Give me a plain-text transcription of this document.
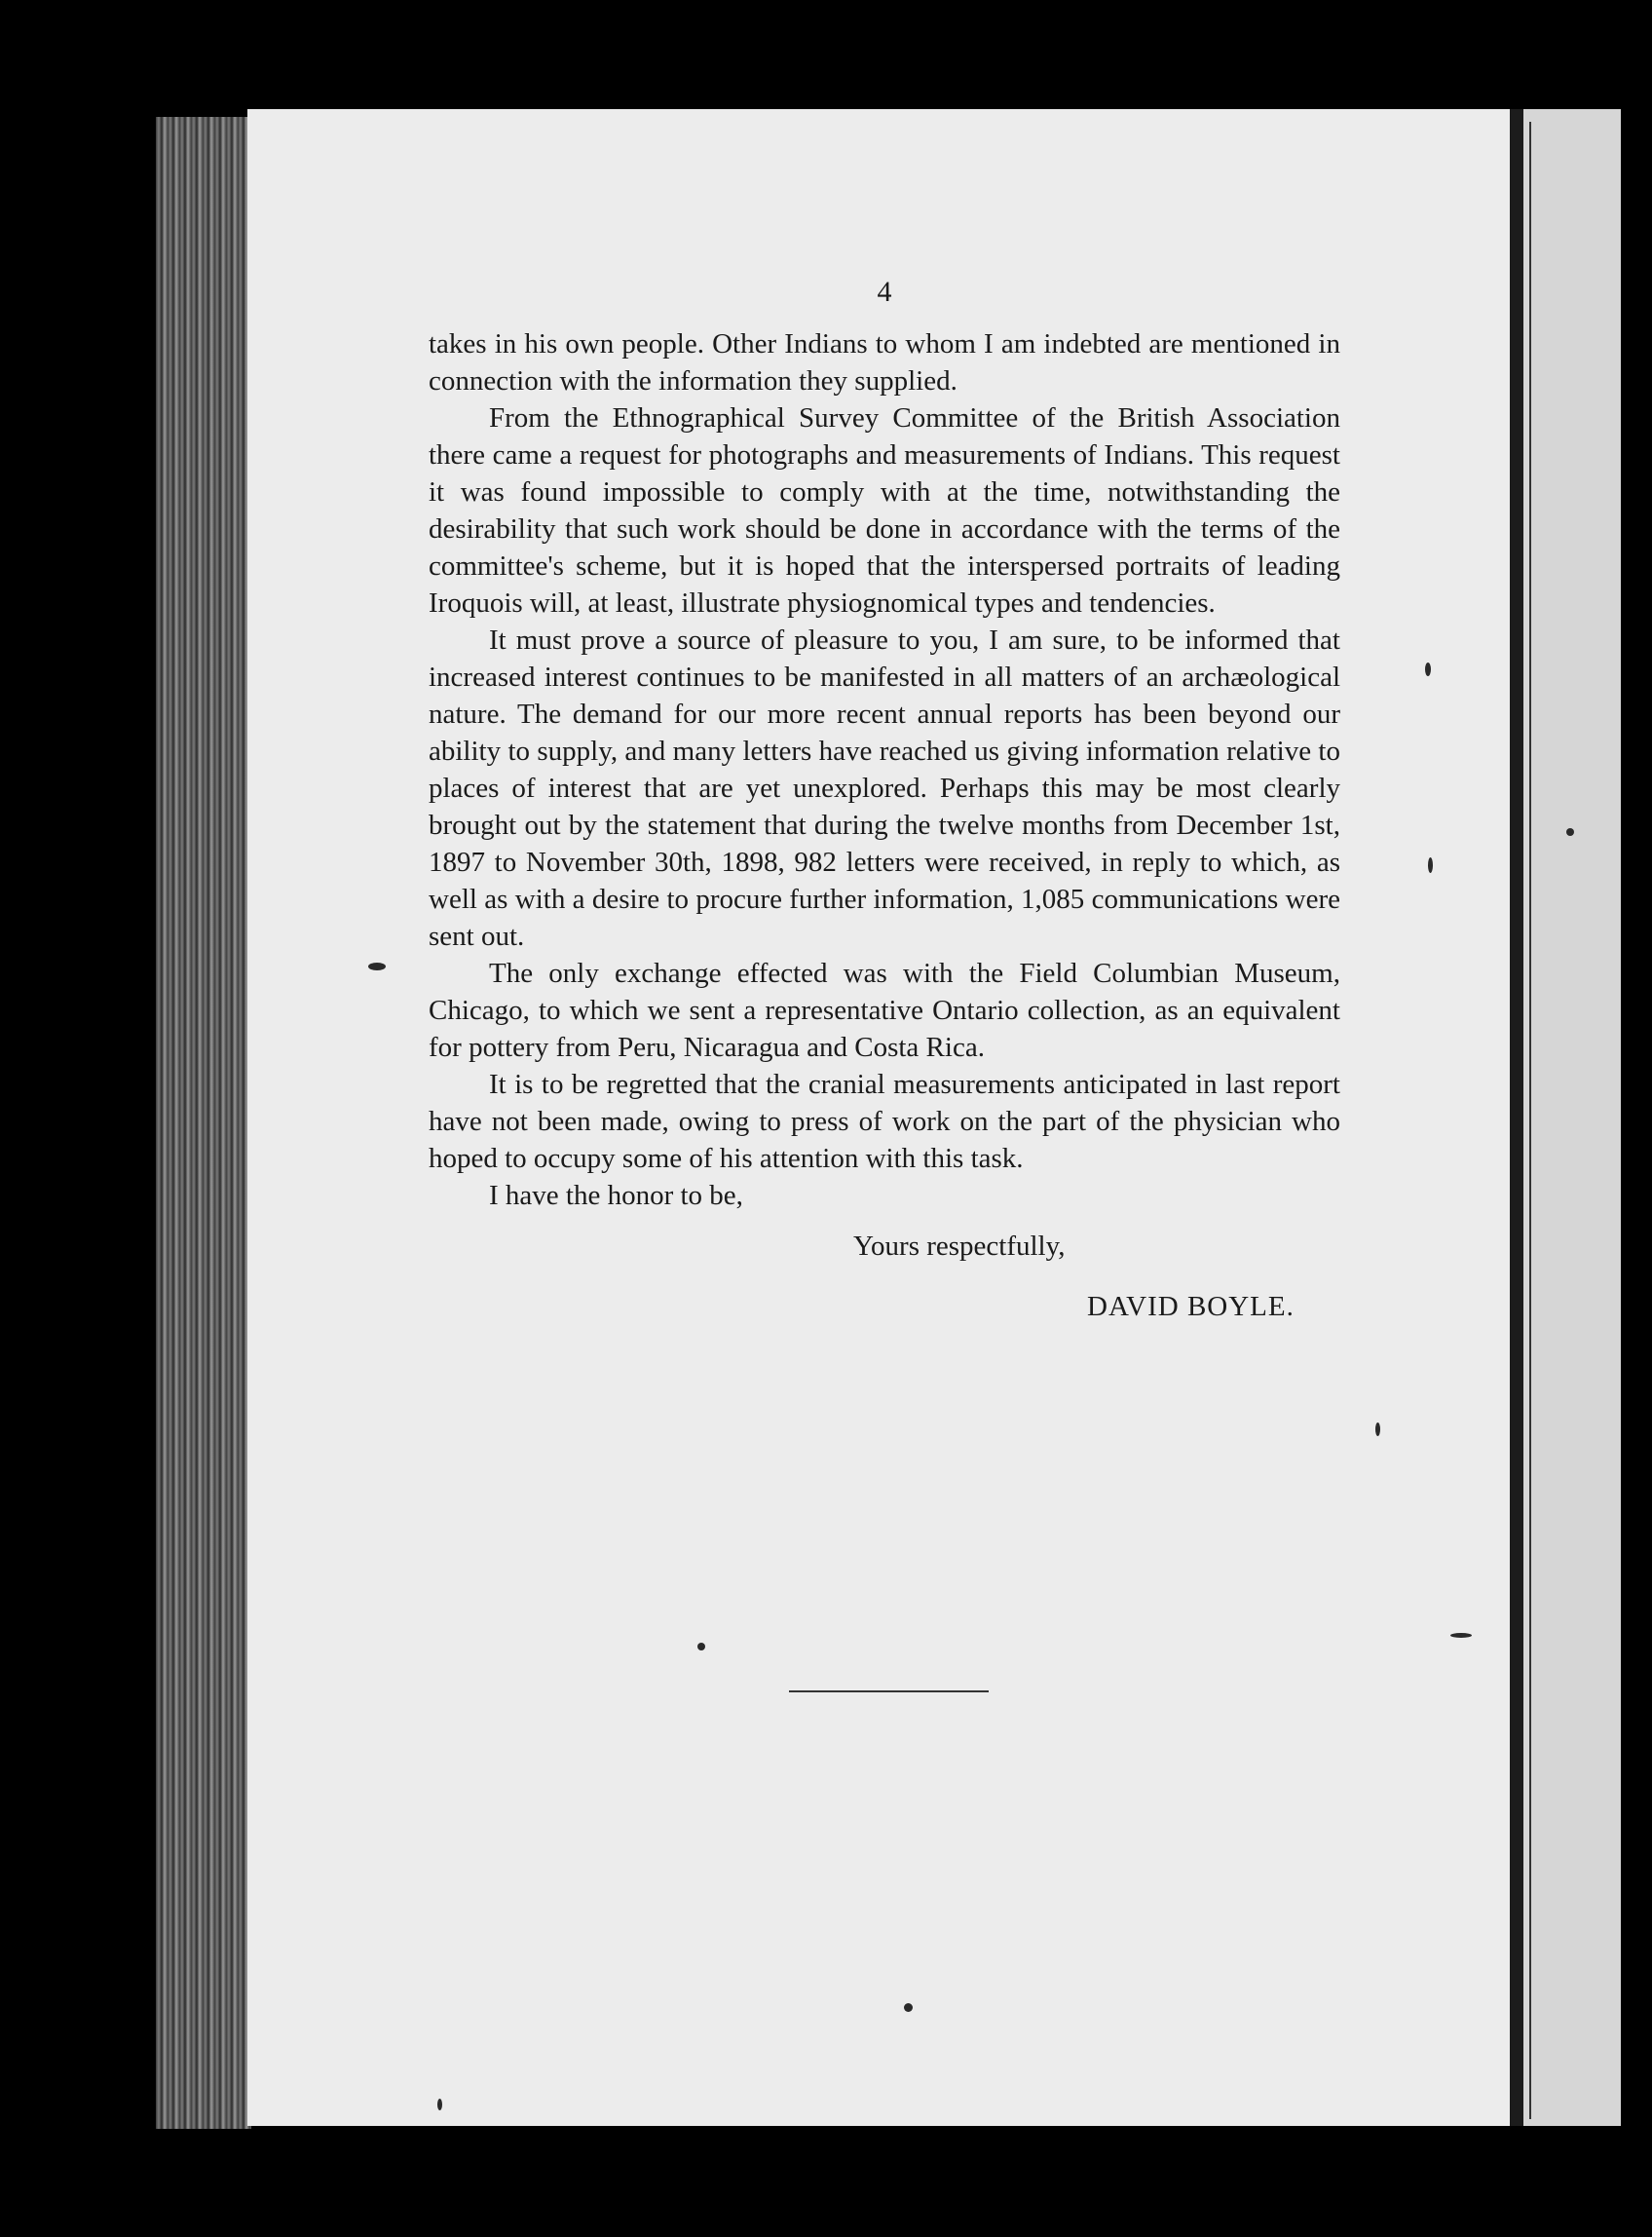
4

takes in his own people. Other Indians to whom I am indebted are mentioned in connection with the information they supplied.

From the Ethnographical Survey Committee of the British Association there came a request for photographs and measurements of Indians. This request it was found impossible to comply with at the time, notwithstanding the desirability that such work should be done in accordance with the terms of the committee's scheme, but it is hoped that the interspersed portraits of leading Iroquois will, at least, illustrate physiognomical types and tendencies.

It must prove a source of pleasure to you, I am sure, to be informed that increased interest continues to be manifested in all matters of an archæological nature. The demand for our more recent annual reports has been beyond our ability to supply, and many letters have reached us giving information relative to places of interest that are yet unexplored. Perhaps this may be most clearly brought out by the statement that during the twelve months from December 1st, 1897 to November 30th, 1898, 982 letters were received, in reply to which, as well as with a desire to procure further information, 1,085 communications were sent out.

The only exchange effected was with the Field Columbian Museum, Chicago, to which we sent a representative Ontario collection, as an equivalent for pottery from Peru, Nicaragua and Costa Rica.

It is to be regretted that the cranial measurements anticipated in last report have not been made, owing to press of work on the part of the physician who hoped to occupy some of his attention with this task.

I have the honor to be,

Yours respectfully,

DAVID BOYLE.
